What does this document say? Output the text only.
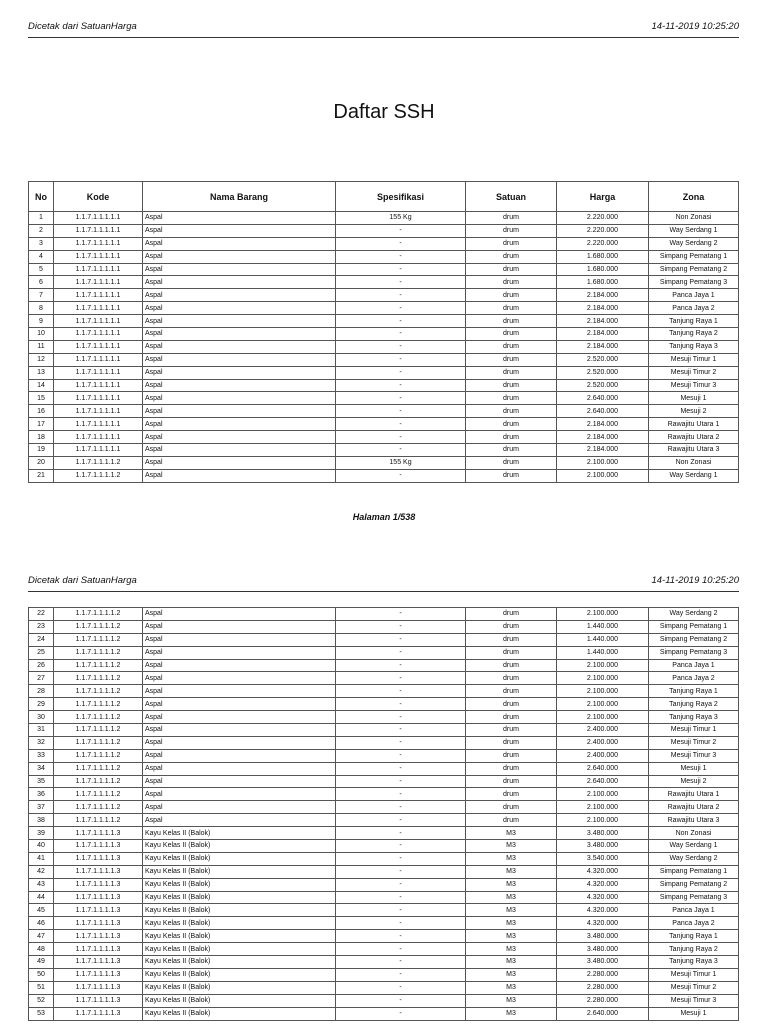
Dicetak dari SatuanHarga	14-11-2019 10:25:20
Daftar SSH
No	Kode	Nama Barang	Spesifikasi	Satuan	Harga	Zona
1	1.1.7.1.1.1.1.1	Aspal	155 Kg	drum	2.220.000	Non Zonasi
2	1.1.7.1.1.1.1.1	Aspal	-	drum	2.220.000	Way Serdang 1
3	1.1.7.1.1.1.1.1	Aspal	-	drum	2.220.000	Way Serdang 2
4	1.1.7.1.1.1.1.1	Aspal	-	drum	1.680.000	Simpang Pematang 1
5	1.1.7.1.1.1.1.1	Aspal	-	drum	1.680.000	Simpang Pematang 2
6	1.1.7.1.1.1.1.1	Aspal	-	drum	1.680.000	Simpang Pematang 3
7	1.1.7.1.1.1.1.1	Aspal	-	drum	2.184.000	Panca Jaya 1
8	1.1.7.1.1.1.1.1	Aspal	-	drum	2.184.000	Panca Jaya 2
9	1.1.7.1.1.1.1.1	Aspal	-	drum	2.184.000	Tanjung Raya 1
10	1.1.7.1.1.1.1.1	Aspal	-	drum	2.184.000	Tanjung Raya 2
11	1.1.7.1.1.1.1.1	Aspal	-	drum	2.184.000	Tanjung Raya 3
12	1.1.7.1.1.1.1.1	Aspal	-	drum	2.520.000	Mesuji Timur 1
13	1.1.7.1.1.1.1.1	Aspal	-	drum	2.520.000	Mesuji Timur 2
14	1.1.7.1.1.1.1.1	Aspal	-	drum	2.520.000	Mesuji Timur 3
15	1.1.7.1.1.1.1.1	Aspal	-	drum	2.640.000	Mesuji 1
16	1.1.7.1.1.1.1.1	Aspal	-	drum	2.640.000	Mesuji 2
17	1.1.7.1.1.1.1.1	Aspal	-	drum	2.184.000	Rawajitu Utara 1
18	1.1.7.1.1.1.1.1	Aspal	-	drum	2.184.000	Rawajitu Utara 2
19	1.1.7.1.1.1.1.1	Aspal	-	drum	2.184.000	Rawajitu Utara 3
20	1.1.7.1.1.1.1.2	Aspal	155 Kg	drum	2.100.000	Non Zonasi
21	1.1.7.1.1.1.1.2	Aspal	-	drum	2.100.000	Way Serdang 1
Halaman 1/538
Dicetak dari SatuanHarga	14-11-2019 10:25:20
22	1.1.7.1.1.1.1.2	Aspal	-	drum	2.100.000	Way Serdang 2
23	1.1.7.1.1.1.1.2	Aspal	-	drum	1.440.000	Simpang Pematang 1
24	1.1.7.1.1.1.1.2	Aspal	-	drum	1.440.000	Simpang Pematang 2
25	1.1.7.1.1.1.1.2	Aspal	-	drum	1.440.000	Simpang Pematang 3
26	1.1.7.1.1.1.1.2	Aspal	-	drum	2.100.000	Panca Jaya 1
27	1.1.7.1.1.1.1.2	Aspal	-	drum	2.100.000	Panca Jaya 2
28	1.1.7.1.1.1.1.2	Aspal	-	drum	2.100.000	Tanjung Raya 1
29	1.1.7.1.1.1.1.2	Aspal	-	drum	2.100.000	Tanjung Raya 2
30	1.1.7.1.1.1.1.2	Aspal	-	drum	2.100.000	Tanjung Raya 3
31	1.1.7.1.1.1.1.2	Aspal	-	drum	2.400.000	Mesuji Timur 1
32	1.1.7.1.1.1.1.2	Aspal	-	drum	2.400.000	Mesuji Timur 2
33	1.1.7.1.1.1.1.2	Aspal	-	drum	2.400.000	Mesuji Timur 3
34	1.1.7.1.1.1.1.2	Aspal	-	drum	2.640.000	Mesuji 1
35	1.1.7.1.1.1.1.2	Aspal	-	drum	2.640.000	Mesuji 2
36	1.1.7.1.1.1.1.2	Aspal	-	drum	2.100.000	Rawajitu Utara 1
37	1.1.7.1.1.1.1.2	Aspal	-	drum	2.100.000	Rawajitu Utara 2
38	1.1.7.1.1.1.1.2	Aspal	-	drum	2.100.000	Rawajitu Utara 3
39	1.1.7.1.1.1.1.3	Kayu Kelas II (Balok)	-	M3	3.480.000	Non Zonasi
40	1.1.7.1.1.1.1.3	Kayu Kelas II (Balok)	-	M3	3.480.000	Way Serdang 1
41	1.1.7.1.1.1.1.3	Kayu Kelas II (Balok)	-	M3	3.540.000	Way Serdang 2
42	1.1.7.1.1.1.1.3	Kayu Kelas II (Balok)	-	M3	4.320.000	Simpang Pematang 1
43	1.1.7.1.1.1.1.3	Kayu Kelas II (Balok)	-	M3	4.320.000	Simpang Pematang 2
44	1.1.7.1.1.1.1.3	Kayu Kelas II (Balok)	-	M3	4.320.000	Simpang Pematang 3
45	1.1.7.1.1.1.1.3	Kayu Kelas II (Balok)	-	M3	4.320.000	Panca Jaya 1
46	1.1.7.1.1.1.1.3	Kayu Kelas II (Balok)	-	M3	4.320.000	Panca Jaya 2
47	1.1.7.1.1.1.1.3	Kayu Kelas II (Balok)	-	M3	3.480.000	Tanjung Raya 1
48	1.1.7.1.1.1.1.3	Kayu Kelas II (Balok)	-	M3	3.480.000	Tanjung Raya 2
49	1.1.7.1.1.1.1.3	Kayu Kelas II (Balok)	-	M3	3.480.000	Tanjung Raya 3
50	1.1.7.1.1.1.1.3	Kayu Kelas II (Balok)	-	M3	2.280.000	Mesuji Timur 1
51	1.1.7.1.1.1.1.3	Kayu Kelas II (Balok)	-	M3	2.280.000	Mesuji Timur 2
52	1.1.7.1.1.1.1.3	Kayu Kelas II (Balok)	-	M3	2.280.000	Mesuji Timur 3
53	1.1.7.1.1.1.1.3	Kayu Kelas II (Balok)	-	M3	2.640.000	Mesuji 1
